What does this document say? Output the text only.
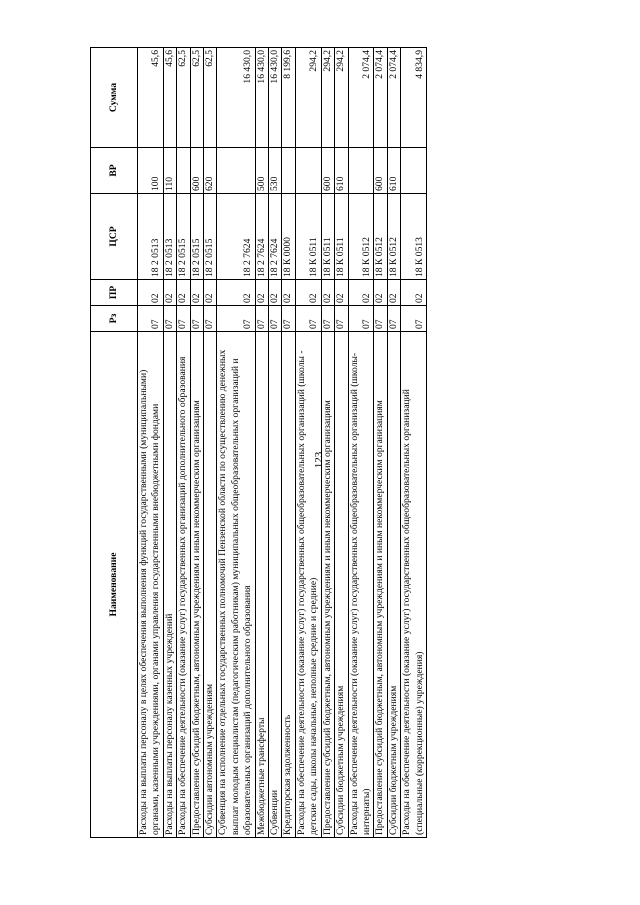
123
Наименование	Рз	ПР	ЦСР	ВР	Сумма
Расходы на выплаты персоналу в целях обеспечения выполнения функций государственными (муниципальными) органами, казенными учреждениями, органами управления государственными внебюджетными фондами	07	02	18 2 0513	100	45,6
Расходы на выплаты персоналу казенных учреждений	07	02	18 2 0513	110	45,6
Расходы на обеспечение деятельности (оказание услуг) государственных организаций дополнительного образования	07	02	18 2 0515		62,5
Предоставление субсидий бюджетным, автономным учреждениям и иным некоммерческим организациям	07	02	18 2 0515	600	62,5
Субсидии автономным учреждениям	07	02	18 2 0515	620	62,5
Субвенция на исполнение отдельных государственных полномочий Пензенской области по осуществлению денежных выплат молодым специалистам (педагогическим работникам) муниципальных общеобразовательных организаций и образовательных организаций дополнительного образования	07	02	18 2 7624		16 430,0
Межбюджетные трансферты	07	02	18 2 7624	500	16 430,0
Субвенции	07	02	18 2 7624	530	16 430,0
Кредиторская задолженность	07	02	18 К 0000		8 199,6
Расходы на обеспечение деятельности (оказание услуг) государственных общеобразовательных организаций (школы - детские сады, школы начальные, неполные средние и средние)	07	02	18 К 0511		294,2
Предоставление субсидий бюджетным, автономным учреждениям и иным некоммерческим организациям	07	02	18 К 0511	600	294,2
Субсидии бюджетным учреждениям	07	02	18 К 0511	610	294,2
Расходы на обеспечение деятельности (оказание услуг) государственных общеобразовательных организаций (школы-интернаты)	07	02	18 К 0512		2 074,4
Предоставление субсидий бюджетным, автономным учреждениям и иным некоммерческим организациям	07	02	18 К 0512	600	2 074,4
Субсидии бюджетным учреждениям	07	02	18 К 0512	610	2 074,4
Расходы на обеспечение деятельности (оказание услуг) государственных общеобразовательных организаций (специальные (коррекционные) учреждения)	07	02	18 К 0513		4 834,9
